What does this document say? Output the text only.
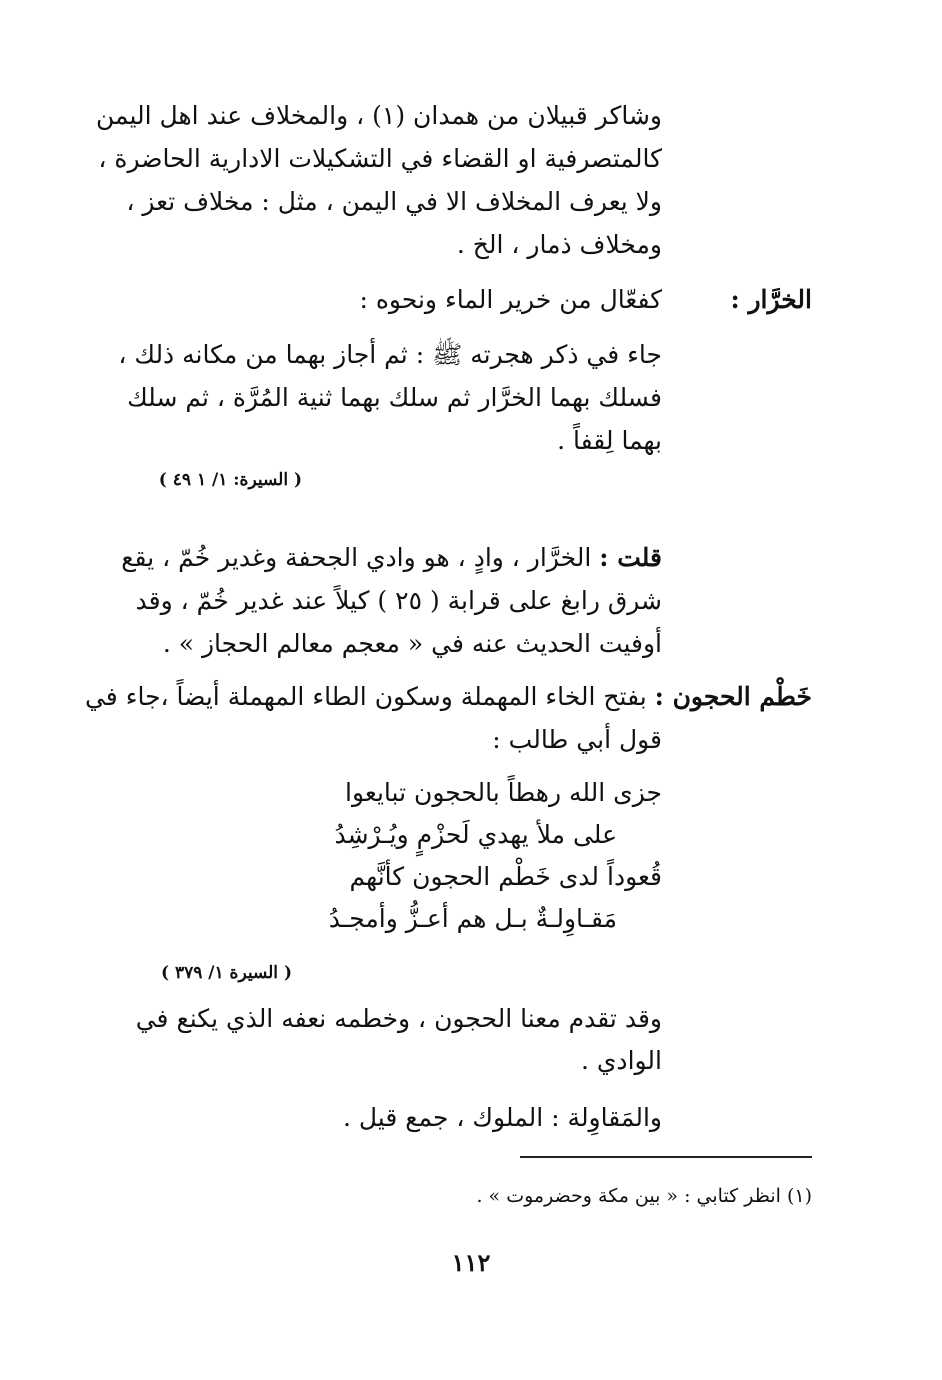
وشاكر قبيلان من همدان (١) ، والمخلاف عند اهل اليمن
كالمتصرفية او القضاء في التشكيلات الادارية الحاضرة ،
ولا يعرف المخلاف الا في اليمن ، مثل : مخلاف تعز ،
ومخلاف ذمار ، الخ .
الخرَّار :
كفعّال من خرير الماء ونحوه :
جاء في ذكر هجرته ﷺ : ثم أجاز بهما من مكانه ذلك ،
فسلك بهما الخرَّار ثم سلك بهما ثنية المُرَّة ، ثم سلك
بهما لِقفاً .
( السيرة: ١/ ١ ٤٩ )
قلت : الخرَّار ، وادٍ ، هو وادي الجحفة وغدير خُمّ ، يقع
شرق رابغ على قرابة ( ٢٥ ) كيلاً عند غدير خُمّ ، وقد
أوفيت الحديث عنه في « معجم معالم الحجاز » .
خَطْم الحجون : بفتح الخاء المهملة وسكون الطاء المهملة أيضاً ،جاء في
قول أبي طالب :
جزى الله رهطاً بالحجون تبايعوا
على ملأ يهدي لَحزْمٍ ويُـرْشِدُ
قُعوداً لدى خَطْم الحجون كأنَّهم
مَقـاوِلـةٌ بـل هم أعـزُّ وأمجـدُ
( السيرة ١/ ٣٧٩ )
وقد تقدم معنا الحجون ، وخطمه نعفه الذي يكنع في
الوادي .
والمَقاوِلة : الملوك ، جمع قيل .
(١) انظر كتابي : « بين مكة وحضرموت » .
١١٢
